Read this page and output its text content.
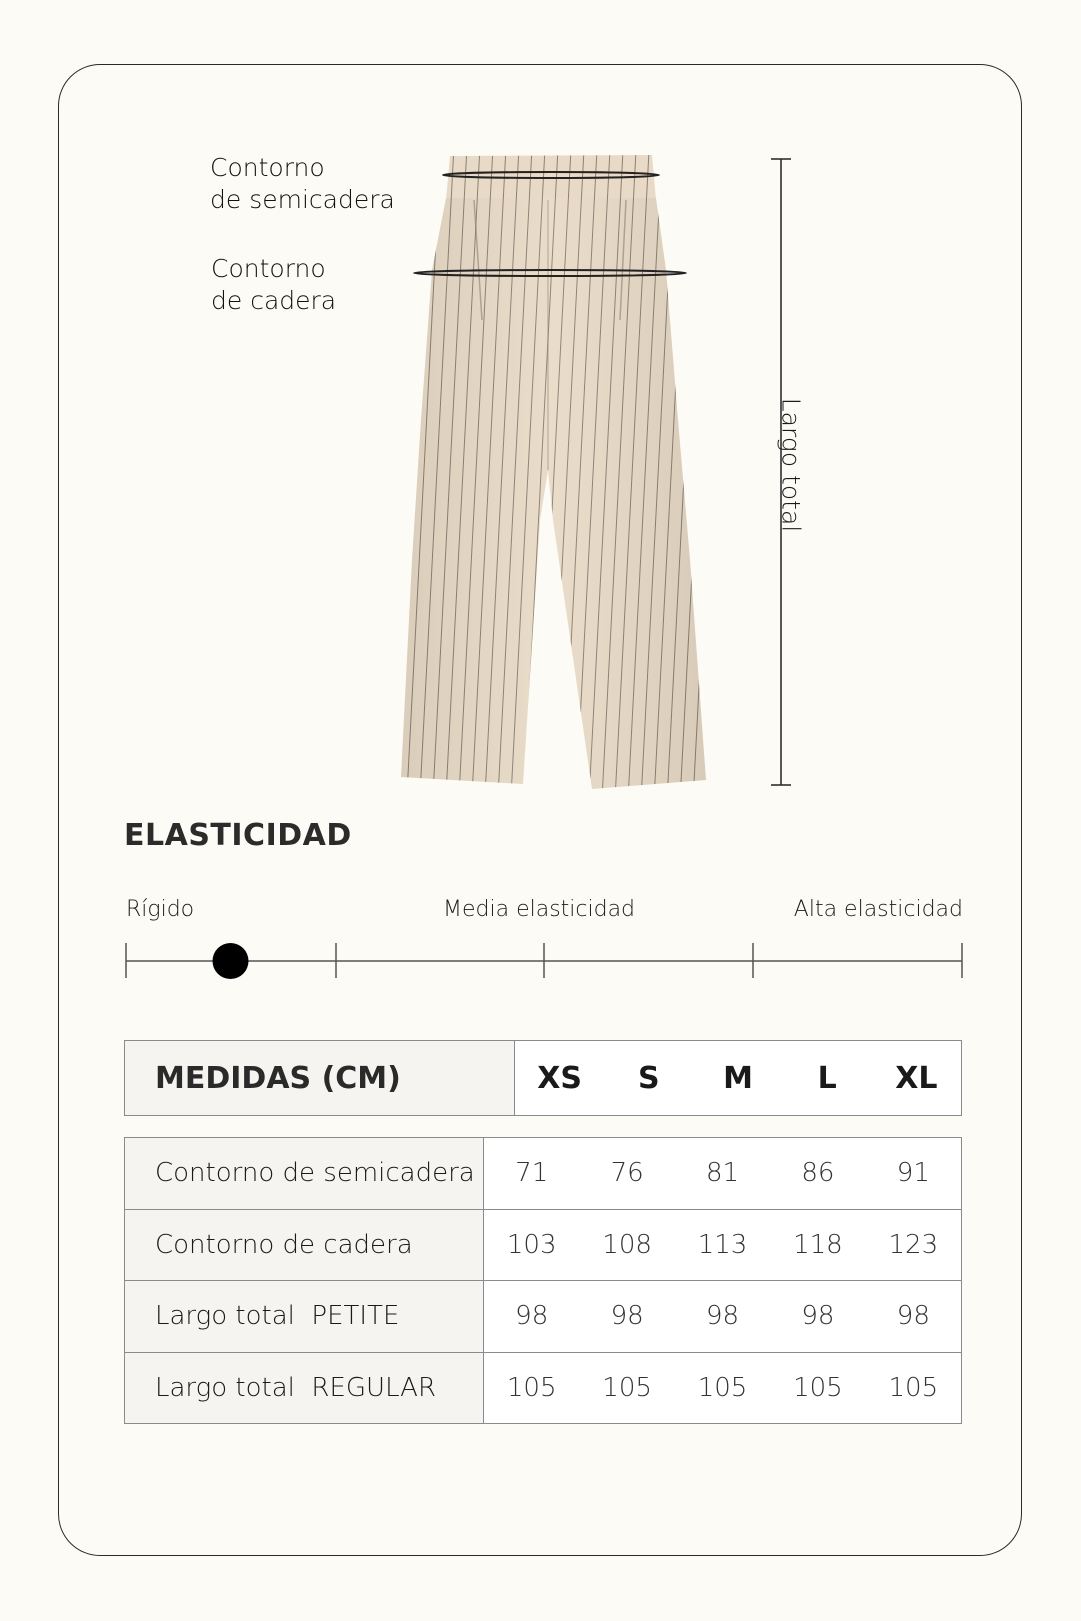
Contorno
de semicadera
Contorno
de cadera
Largo total
ELASTICIDAD
Rígido	Media elasticidad	Alta elasticidad
MEDIDAS (CM)	XS	S	M	L	XL
Contorno de semicadera	71 76 81 86 91

Contorno de cadera	103 108 113 118 123

Largo total  PETITE	98 98 98 98 98

Largo total  REGULAR	105 105 105 105 105
